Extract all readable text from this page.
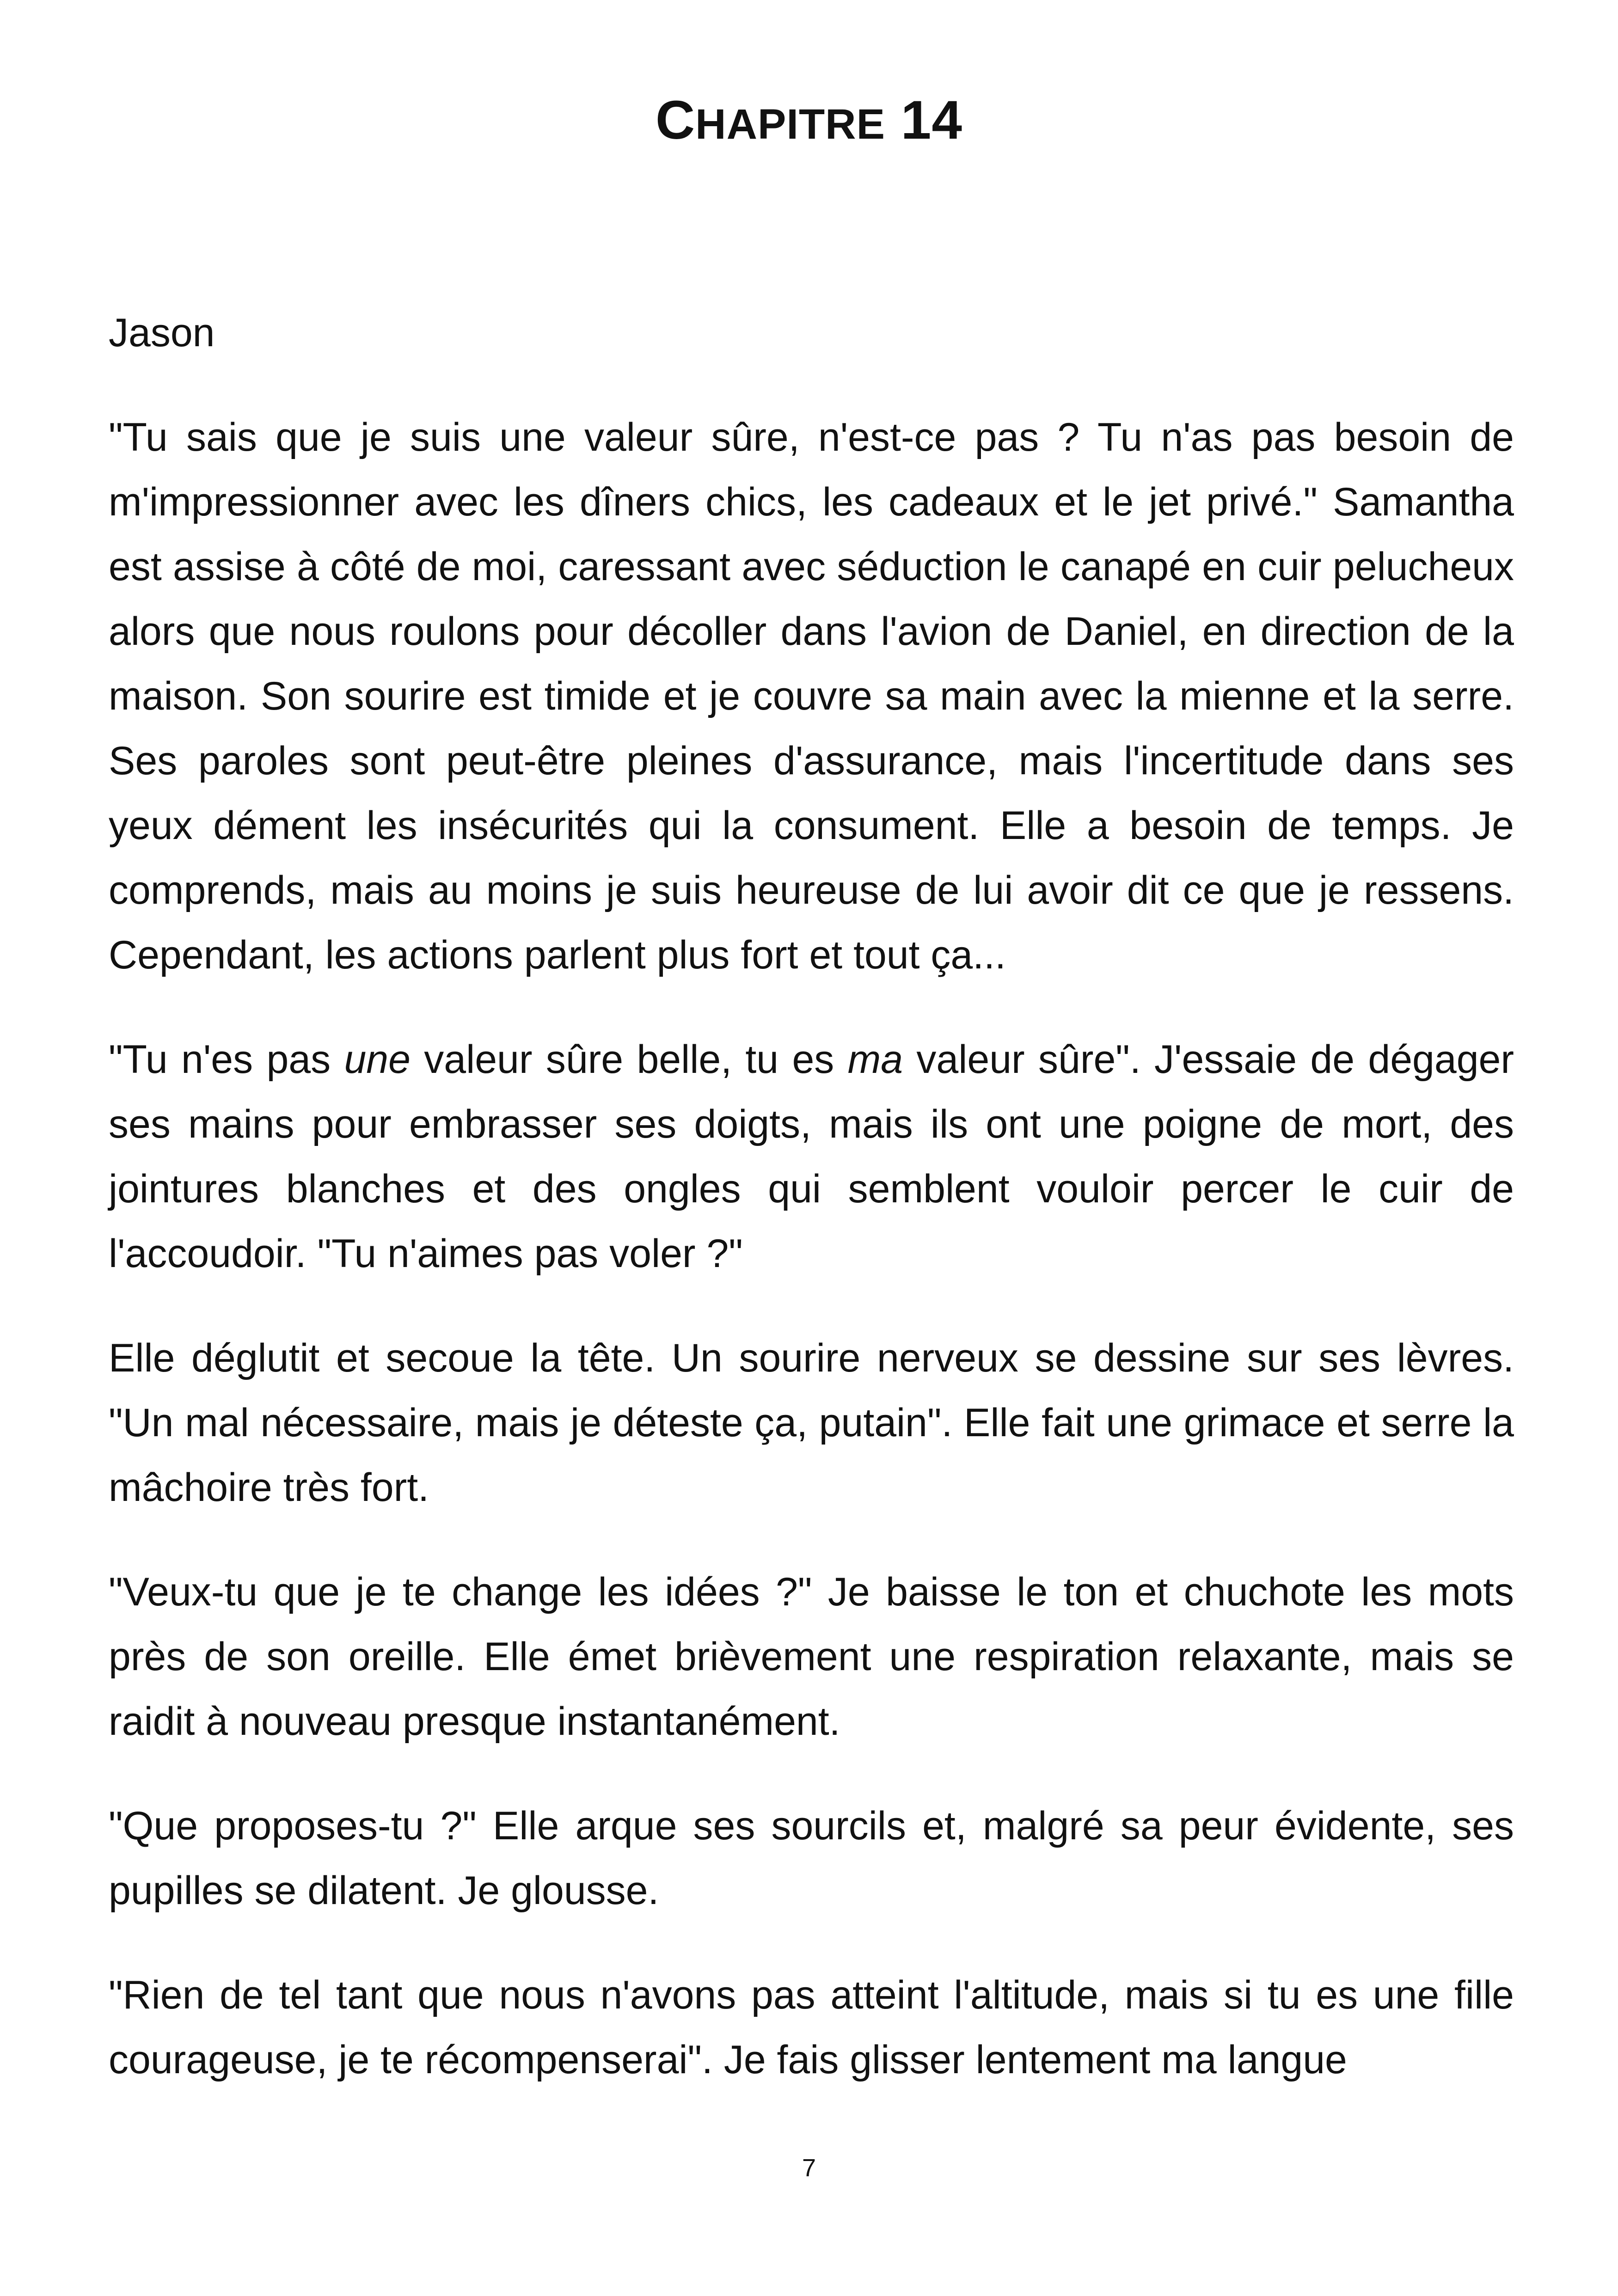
CHAPITRE 14

Jason

"Tu sais que je suis une valeur sûre, n'est-ce pas ? Tu n'as pas besoin de m'impressionner avec les dîners chics, les cadeaux et le jet privé." Samantha est assise à côté de moi, caressant avec séduction le canapé en cuir pelucheux alors que nous roulons pour décoller dans l'avion de Daniel, en direction de la maison. Son sourire est timide et je couvre sa main avec la mienne et la serre. Ses paroles sont peut-être pleines d'assurance, mais l'incertitude dans ses yeux dément les insécurités qui la consument. Elle a besoin de temps. Je comprends, mais au moins je suis heureuse de lui avoir dit ce que je ressens. Cependant, les actions parlent plus fort et tout ça...

"Tu n'es pas une valeur sûre belle, tu es ma valeur sûre". J'essaie de dégager ses mains pour embrasser ses doigts, mais ils ont une poigne de mort, des jointures blanches et des ongles qui semblent vouloir percer le cuir de l'accoudoir. "Tu n'aimes pas voler ?"

Elle déglutit et secoue la tête. Un sourire nerveux se dessine sur ses lèvres. "Un mal nécessaire, mais je déteste ça, putain". Elle fait une grimace et serre la mâchoire très fort.

"Veux-tu que je te change les idées ?" Je baisse le ton et chuchote les mots près de son oreille. Elle émet brièvement une respiration relaxante, mais se raidit à nouveau presque instantanément.

"Que proposes-tu ?" Elle arque ses sourcils et, malgré sa peur évidente, ses pupilles se dilatent. Je glousse.

"Rien de tel tant que nous n'avons pas atteint l'altitude, mais si tu es une fille courageuse, je te récompenserai". Je fais glisser lentement ma langue

7
